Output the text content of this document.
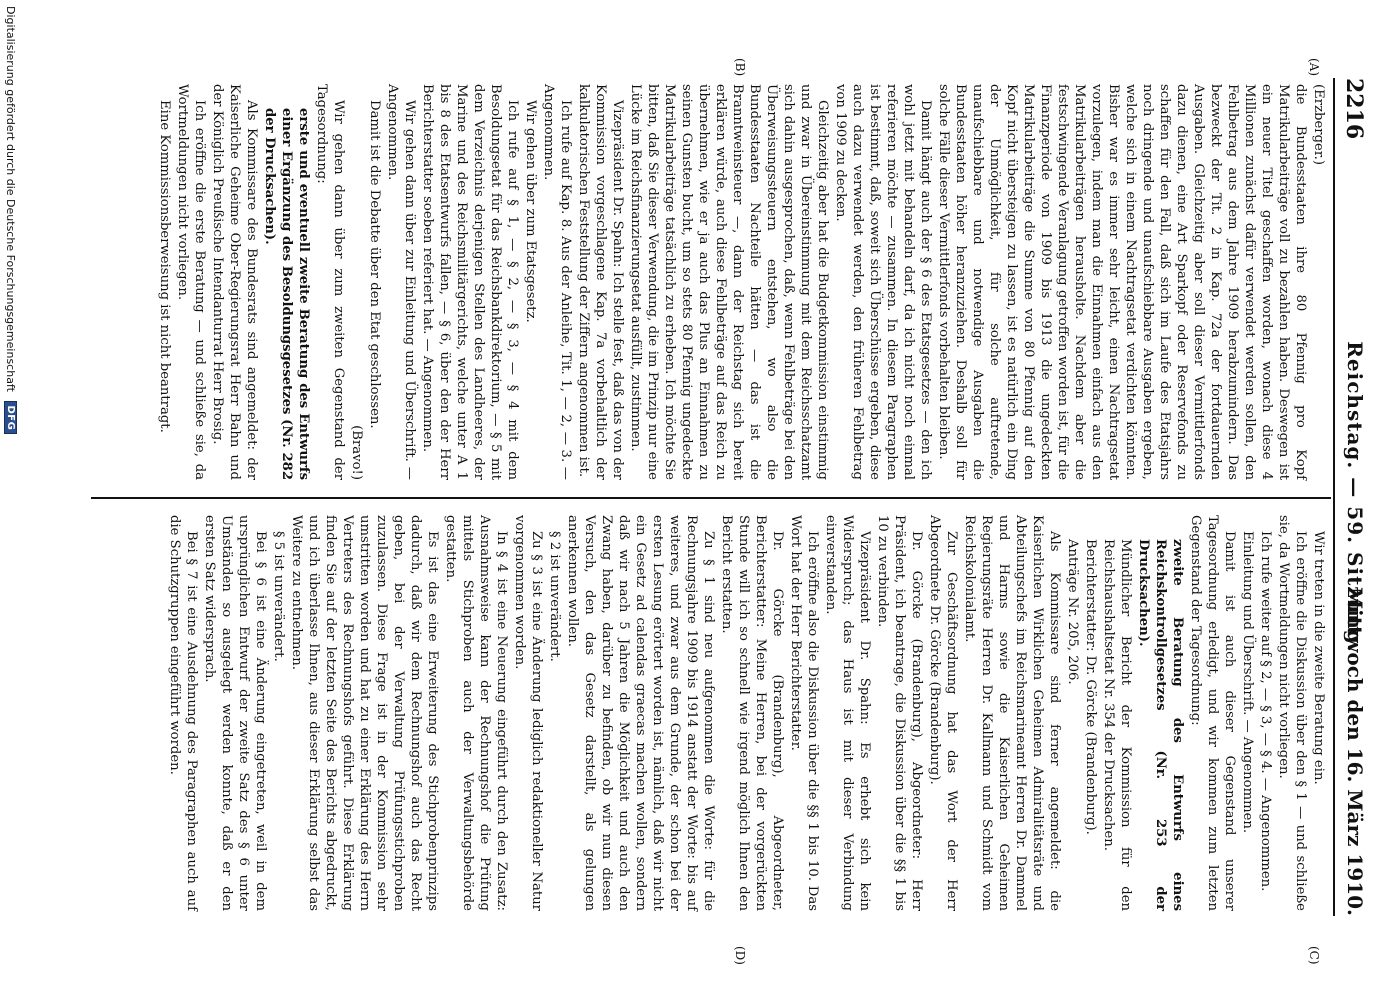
2216
Reichstag. — 59. Sitzung.
Mittwoch den 16. März 1910.
(A)
(B)
(C)
(D)

(Erzberger.)

die Bundesstaaten ihre 80 Pfennig pro Kopf Matrikularbeiträge voll zu bezahlen haben. Deswegen ist ein neuer Titel geschaffen worden, wonach diese 4 Millionen zunächst dafür verwendet werden sollen, den Fehlbetrag aus dem Jahre 1909 herabzumindern. Das bezweckt der Tit. 2 in Kap. 72a der fortdauernden Ausgaben. Gleichzeitig aber soll dieser Vermittlerfonds dazu dienen, eine Art Sparkopf oder Reservefonds zu schaffen für den Fall, daß sich im Laufe des Etatsjahrs noch dringende und unaufschiebbare Ausgaben ergeben, welche sich in einem Nachtragsetat verdichten könnten. Bisher war es immer sehr leicht, einen Nachtragsetat vorzulegen, indem man die Einnahmen einfach aus den Matrikularbeiträgen herausholte. Nachdem aber die festschwingende Veranlagung getroffen worden ist, für die Finanzperiode von 1909 bis 1913 die ungedeckten Matrikularbeiträge die Summe von 80 Pfennig auf den Kopf nicht übersteigen zu lassen, ist es natürlich ein Ding der Unmöglichkeit, für solche auftretende, unaufschiebbare und notwendige Ausgaben die Bundesstaaten höher heranzuziehen. Deshalb soll für solche Fälle dieser Vermittlerfonds vorbehalten bleiben.

Damit hängt auch der § 6 des Etatsgesetzes — den ich wohl jetzt mit behandeln darf, da ich nicht noch einmal referieren möchte — zusammen. In diesem Paragraphen ist bestimmt, daß, soweit sich Überschüsse ergeben, diese auch dazu verwendet werden, den früheren Fehlbetrag von 1909 zu decken.

Gleichzeitig aber hat die Budgetkommission einstimmig und zwar in Übereinstimmung mit dem Reichsschatzamt sich dahin ausgesprochen, daß, wenn Fehlbeträge bei den Überweisungssteuern entstehen, wo also die Bundesstaaten Nachteile hätten — das ist die Branntweinsteuer —, dann der Reichstag sich bereit erklären würde, auch diese Fehlbeträge auf das Reich zu übernehmen, wie er ja auch das Plus an Einnahmen zu seinen Gunsten bucht, um so stets 80 Pfennig ungedeckte Matrikularbeiträge tatsächlich zu erheben. Ich möchte Sie bitten, daß Sie dieser Verwendung, die im Prinzip nur eine Lücke im Reichsfinanzierungsetat ausfüllt, zustimmen.

Vizepräsident Dr. Spahn: Ich stelle fest, daß das von der Kommission vorgeschlagene Kap. 7a vorbehaltlich der kalkulatorischen Feststellung der Ziffern angenommen ist.

Ich rufe auf Kap. 8. Aus der Anleihe, Tit. 1, — 2, — 3. — Angenommen.

Wir gehen über zum Etatsgesetz.

Ich rufe auf § 1, — § 2, — § 3, — § 4 mit dem Besoldungsetat für das Reichsbankdirektorium, — § 5 mit dem Verzeichnis derjenigen Stellen des Landheeres, der Marine und des Reichsmilitärgerichts, welche unter A 1 bis 8 des Etatsentwurfs fallen, — § 6, über den der Herr Berichterstatter soeben referiert hat. — Angenommen.

Wir gehen dann über zur Einleitung und Überschrift. — Angenommen.

Damit ist die Debatte über den Etat geschlossen.

(Bravo!)

Wir gehen dann über zum zweiten Gegenstand der Tagesordnung:

erste und eventuell zweite Beratung des Entwurfs einer Ergänzung des Besoldungsgesetzes (Nr. 282 der Drucksachen).

Als Kommissare des Bundesrats sind angemeldet: der Kaiserliche Geheime Ober-Regierungsrat Herr Bahn und der Königlich Preußische Intendanturrat Herr Brosig.

Ich eröffne die erste Beratung — und schließe sie, da Wortmeldungen nicht vorliegen.

Eine Kommissionsberweisung ist nicht beantragt.

Wir treten in die zweite Beratung ein.

Ich eröffne die Diskussion über den § 1 — und schließe sie, da Wortmeldungen nicht vorliegen.

Ich rufe weiter auf § 2, — § 3, — § 4. — Angenommen.

Einleitung und Überschrift. — Angenommen.

Damit ist auch dieser Gegenstand unserer Tagesordnung erledigt, und wir kommen zum letzten Gegenstand der Tagesordnung:

zweite Beratung des Entwurfs eines Reichskontrollgesetzes (Nr. 253 der Drucksachen).

Mündlicher Bericht der Kommission für den Reichshaushaltsetat Nr. 354 der Drucksachen.

Berichterstatter: Dr. Görcke (Brandenburg).

Anträge Nr. 205, 206.

Als Kommissare sind ferner angemeldet: die Kaiserlichen Wirklichen Geheimen Admiralitätsräte und Abteilungschefs im Reichsmarineamt Herren Dr. Dammel und Harms sowie die Kaiserlichen Geheimen Regierungsräte Herren Dr. Kallmann und Schmidt vom Reichskolonialamt.

Zur Geschäftsordnung hat das Wort der Herr Abgeordnete Dr. Görcke (Brandenburg).

Dr. Görcke (Brandenburg), Abgeordneter: Herr Präsident, ich beantrage, die Diskussion über die §§ 1 bis 10 zu verbinden.

Vizepräsident Dr. Spahn: Es erhebt sich kein Widerspruch; das Haus ist mit dieser Verbindung einverstanden.

Ich eröffne also die Diskussion über die §§ 1 bis 10. Das Wort hat der Herr Berichterstatter.

Dr. Görcke (Brandenburg), Abgeordneter, Berichterstatter: Meine Herren, bei der vorgerückten Stunde will ich so schnell wie irgend möglich Ihnen den Bericht erstatten.

Zu § 1 sind neu aufgenommen die Worte: für die Rechnungsjahre 1909 bis 1914 anstatt der Worte: bis auf weiteres, und zwar aus dem Grunde, der schon bei der ersten Lesung erörtert worden ist, nämlich, daß wir nicht ein Gesetz ad calendas graecas machen wollen, sondern daß wir nach 5 Jahren die Möglichkeit und auch den Zwang haben, darüber zu befinden, ob wir nun diesen Versuch, den das Gesetz darstellt, als gelungen anerkennen wollen.

§ 2 ist unverändert.

Zu § 3 ist eine Änderung lediglich redaktioneller Natur vorgenommen worden.

In § 4 ist eine Neuerung eingeführt durch den Zusatz: Ausnahmsweise kann der Rechnungshof die Prüfung mittels Stichproben auch der Verwaltungsbehörde gestatten.

Es ist das eine Erweiterung des Stichprobenprinzips dadurch, daß wir dem Rechnungshof auch das Recht geben, bei der Verwaltung Prüfungsstichproben zuzulassen. Diese Frage ist in der Kommission sehr umstritten worden und hat zu einer Erklärung des Herrn Vertreters des Rechnungshofs geführt. Diese Erklärung finden Sie auf der letzten Seite des Berichts abgedruckt, und ich überlasse Ihnen, aus dieser Erklärung selbst das Weitere zu entnehmen.

§ 5 ist unverändert.

Bei § 6 ist eine Änderung eingetreten, weil in dem ursprünglichen Entwurf der zweite Satz des § 6 unter Umständen so ausgelegt werden konnte, daß er den ersten Satz widersprach.

Bei § 7 ist eine Ausdehnung des Paragraphen auch auf die Schutzgruppen eingeführt worden.

Digitalisierung gefördert durch die Deutsche Forschungsgemeinschaft DFG
